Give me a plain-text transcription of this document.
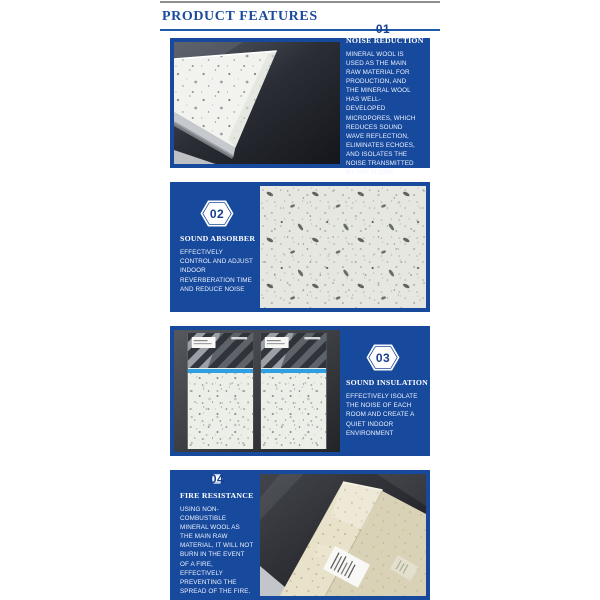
PRODUCT FEATURES
NOISE REDUCTION

MINERAL WOOL IS USED AS THE MAIN RAW MATERIAL FOR PRODUCTION, AND THE MINERAL WOOL HAS WELL-DEVELOPED MICROPORES, WHICH REDUCES SOUND WAVE REFLECTION, ELIMINATES ECHOES, AND ISOLATES THE NOISE TRANSMITTED BY THE FLOOR.

02
SOUND ABSORBER

EFFECTIVELY CONTROL AND ADJUST INDOOR REVERBERATION TIME AND REDUCE NOISE

03
SOUND INSULATION

EFFECTIVELY ISOLATE THE NOISE OF EACH ROOM AND CREATE A QUIET INDOOR ENVIRONMENT

04
FIRE RESISTANCE

USING NON-COMBUSTIBLE MINERAL WOOL AS THE MAIN RAW MATERIAL, IT WILL NOT BURN IN THE EVENT OF A FIRE, EFFECTIVELY PREVENTING THE SPREAD OF THE FIRE.
